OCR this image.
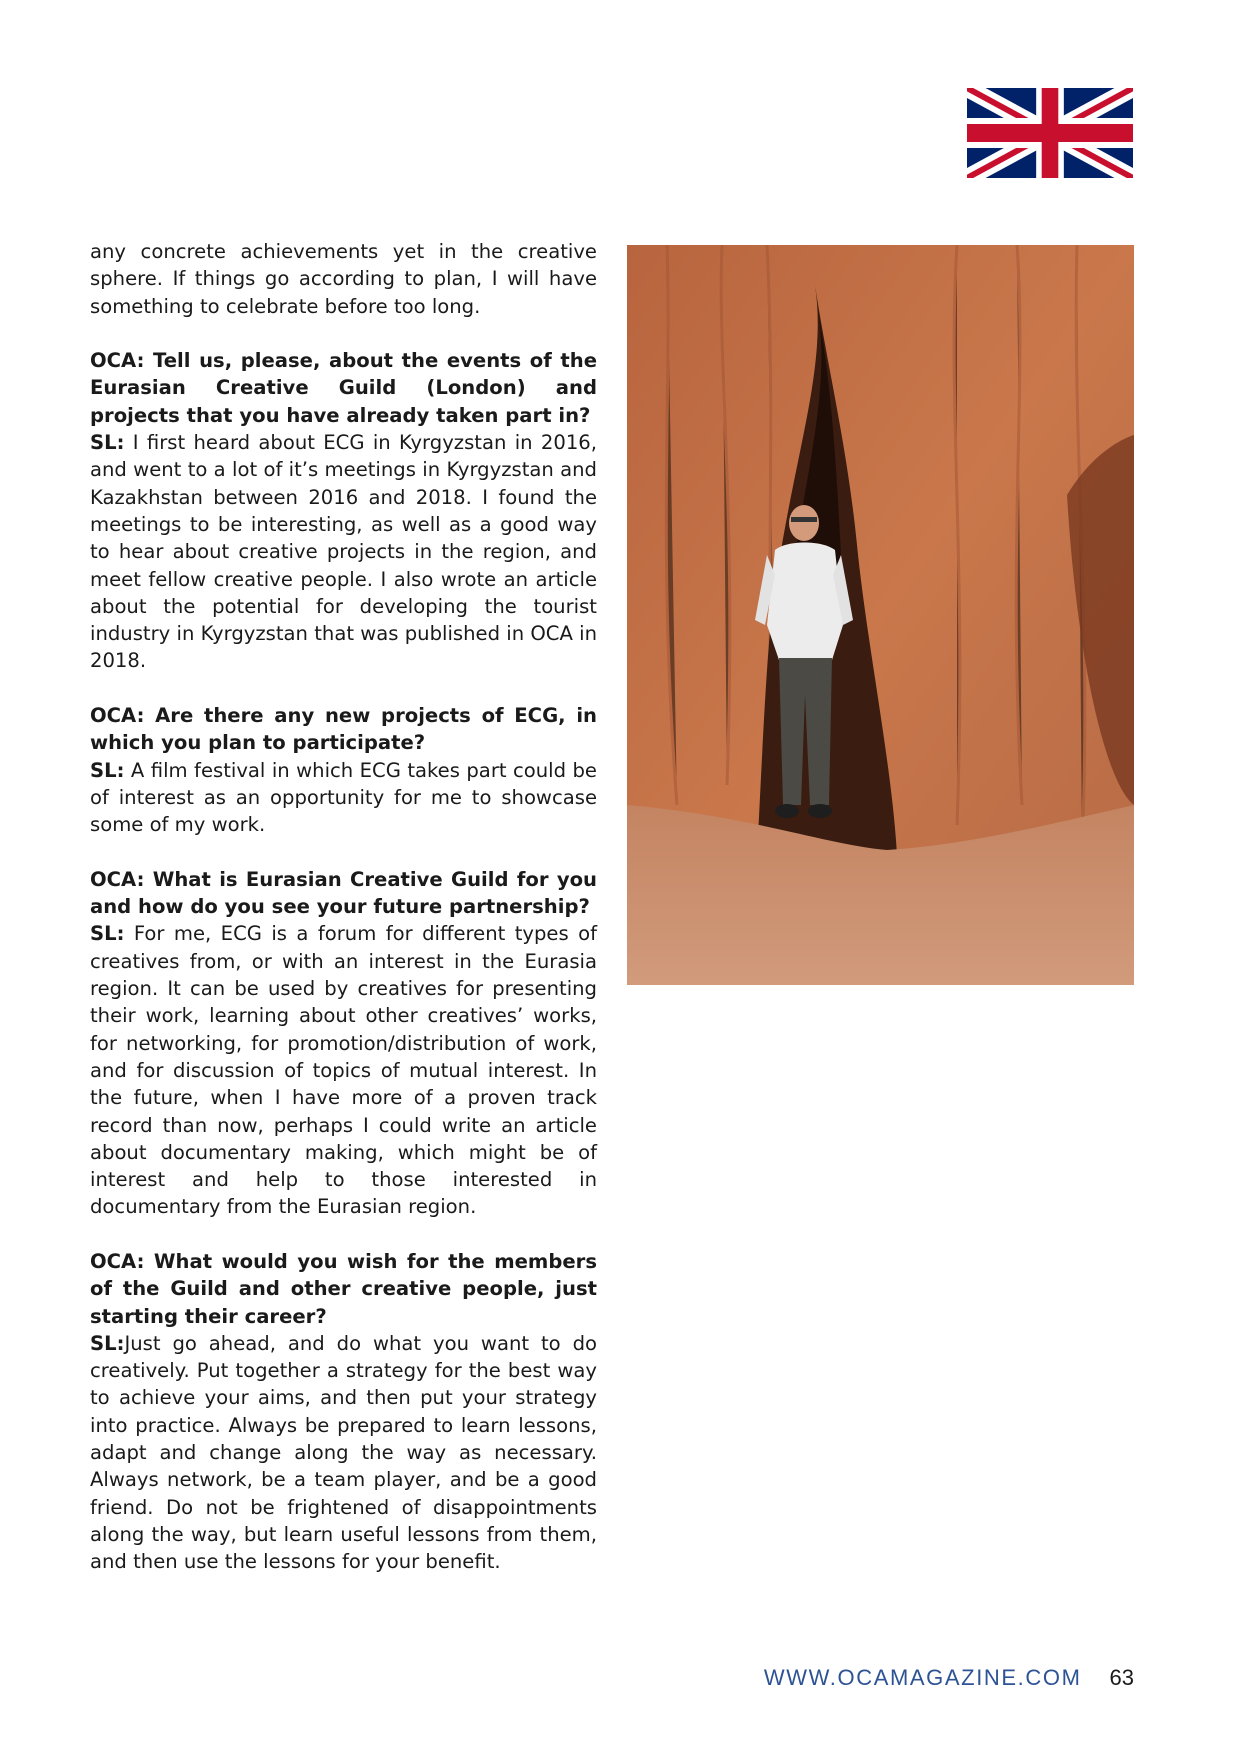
any concrete achievements yet in the creative sphere. If things go according to plan, I will have something to celebrate before too long.

OCA: Tell us, please, about the events of the Eurasian Creative Guild (London) and projects that you have already taken part in?
SL: I first heard about ECG in Kyrgyzstan in 2016, and went to a lot of it’s meetings in Kyrgyzstan and Kazakhstan between 2016 and 2018. I found the meetings to be interesting, as well as a good way to hear about creative projects in the region, and meet fellow creative people. I also wrote an article about the potential for developing the tourist industry in Kyrgyzstan that was published in OCA in 2018.

OCA: Are there any new projects of ECG, in which you plan to participate?
SL: A film festival in which ECG takes part could be of interest as an opportunity for me to showcase some of my work.

OCA: What is Eurasian Creative Guild for you and how do you see your future partnership?
SL: For me, ECG is a forum for different types of creatives from, or with an interest in the Eurasia region. It can be used by creatives for presenting their work, learning about other creatives’ works, for networking, for promotion/distribution of work, and for discussion of topics of mutual interest. In the future, when I have more of a proven track record than now, perhaps I could write an article about documentary making, which might be of interest and help to those interested in documentary from the Eurasian region.

OCA: What would you wish for the members of the Guild and other creative people, just starting their career?
SL:Just go ahead, and do what you want to do creatively. Put together a strategy for the best way to achieve your aims, and then put your strategy into practice. Always be prepared to learn lessons, adapt and change along the way as necessary. Always network, be a team player, and be a good friend. Do not be frightened of disappointments along the way, but learn useful lessons from them, and then use the lessons for your benefit.

WWW.OCAMAGAZINE.COM 63
